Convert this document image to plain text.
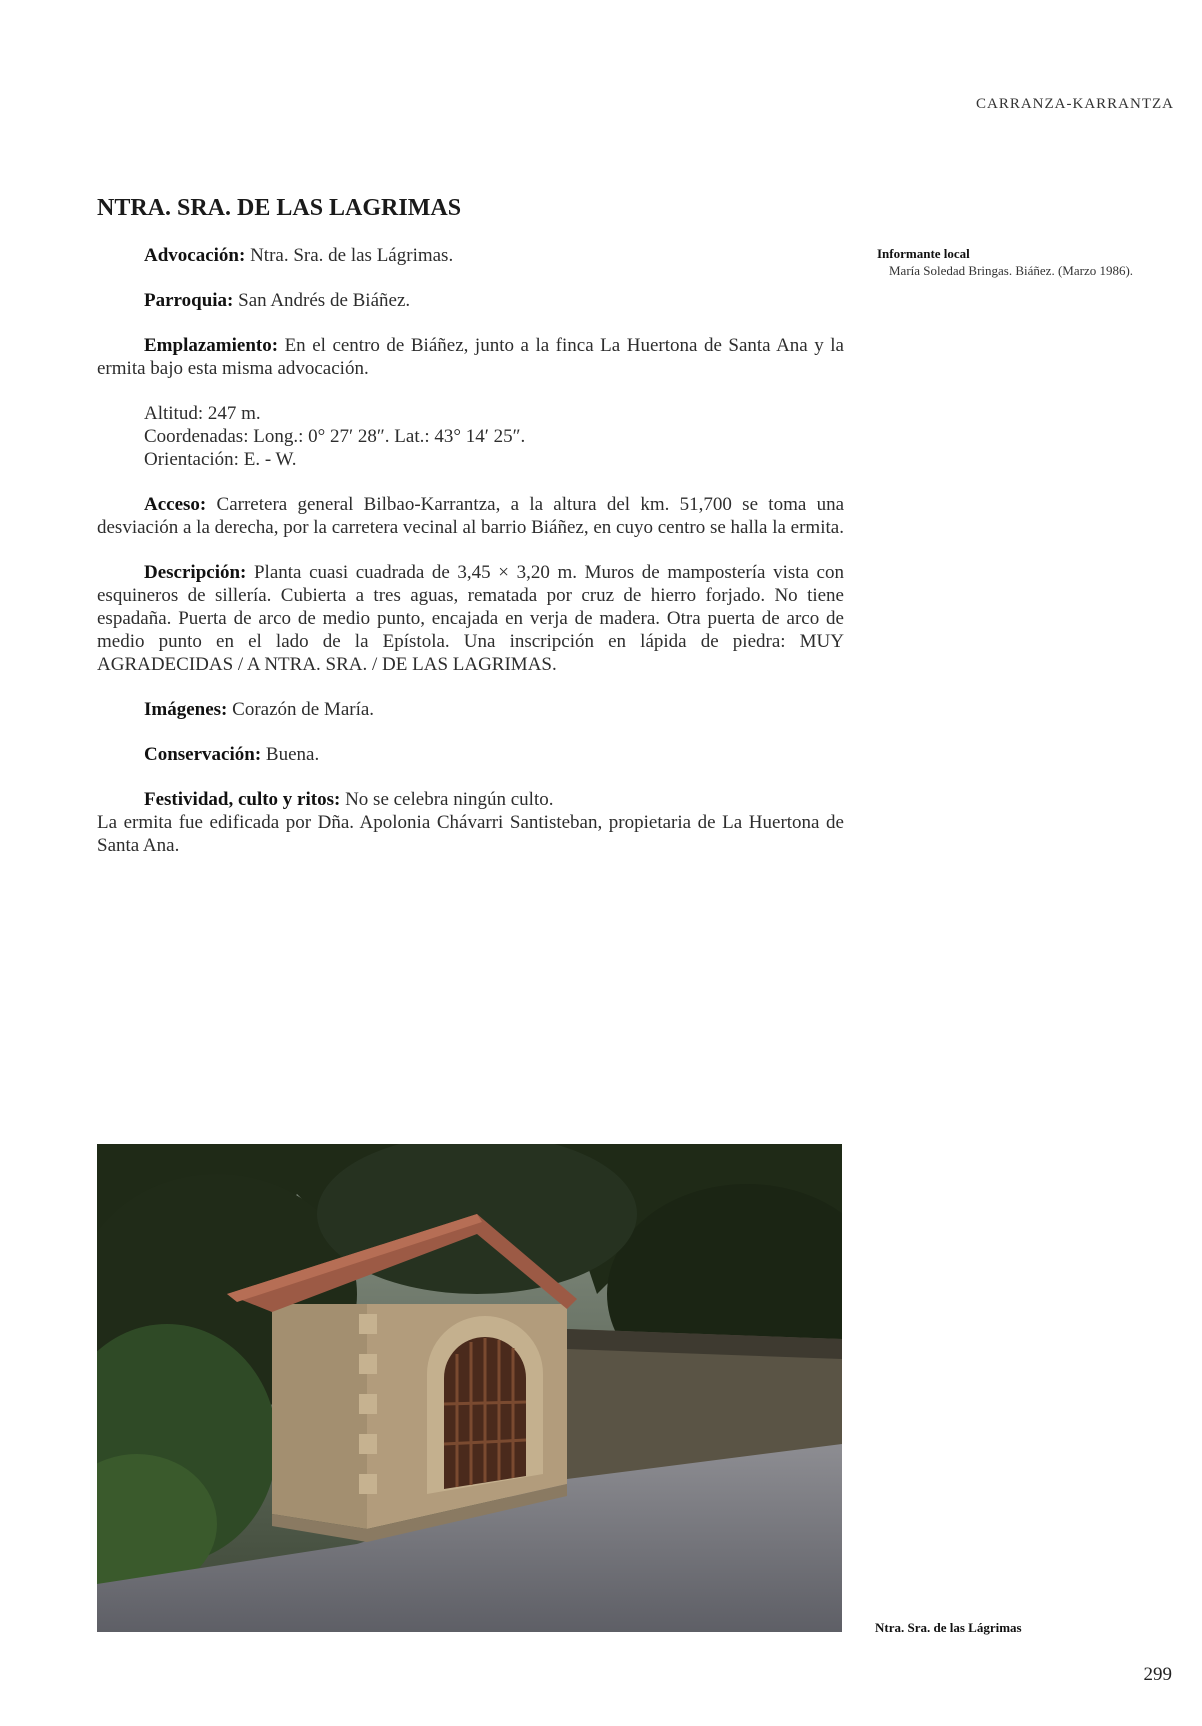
CARRANZA-KARRANTZA
NTRA. SRA. DE LAS LAGRIMAS

Advocación: Ntra. Sra. de las Lágrimas.

Parroquia: San Andrés de Biáñez.

Emplazamiento: En el centro de Biáñez, junto a la finca La Huertona de Santa Ana y la ermita bajo esta misma advocación.

Altitud: 247 m.
Coordenadas: Long.: 0° 27′ 28″. Lat.: 43° 14′ 25″.
Orientación: E. - W.

Acceso: Carretera general Bilbao-Karrantza, a la altura del km. 51,700 se toma una desviación a la derecha, por la carretera vecinal al barrio Biáñez, en cuyo centro se halla la ermita.

Descripción: Planta cuasi cuadrada de 3,45 × 3,20 m. Muros de mampostería vista con esquineros de sillería. Cubierta a tres aguas, rematada por cruz de hierro forjado. No tiene espadaña. Puerta de arco de medio punto, encajada en verja de madera. Otra puerta de arco de medio punto en el lado de la Epístola. Una inscripción en lápida de piedra: MUY AGRADECIDAS / A NTRA. SRA. / DE LAS LAGRIMAS.

Imágenes: Corazón de María.

Conservación: Buena.

Festividad, culto y ritos: No se celebra ningún culto.

La ermita fue edificada por Dña. Apolonia Chávarri Santisteban, propietaria de La Huertona de Santa Ana.

Informante local
María Soledad Bringas. Biáñez. (Marzo 1986).
Ntra. Sra. de las Lágrimas
299
